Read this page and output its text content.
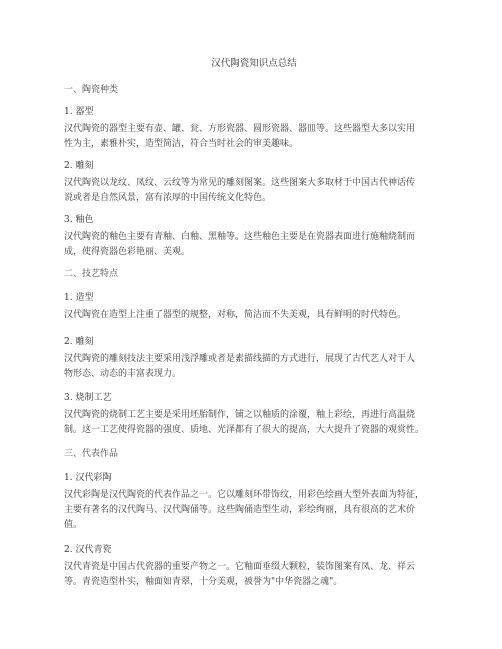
汉代陶瓷知识点总结
一、陶瓷种类
1. 器型
汉代陶瓷的器型主要有壶、罐、瓮、方形瓷器、圆形瓷器、器皿等。这些器型大多以实用
性为主，素雅朴实，造型简洁，符合当时社会的审美趣味。
2. 雕刻
汉代陶瓷以龙纹、凤纹、云纹等为常见的雕刻图案。这些图案大多取材于中国古代神话传
说或者是自然风景，富有浓厚的中国传统文化特色。
3. 釉色
汉代陶瓷的釉色主要有青釉、白釉、黑釉等。这些釉色主要是在瓷器表面进行施釉烧制而
成，使得瓷器色彩艳丽、美观。
二、技艺特点
1. 造型
汉代陶瓷在造型上注重了器型的规整，对称，简洁而不失美观，具有鲜明的时代特色。
2. 雕刻
汉代陶瓷的雕刻技法主要采用浅浮雕或者是素描线描的方式进行，展现了古代艺人对于人
物形态、动态的丰富表现力。
3. 烧制工艺
汉代陶瓷的烧制工艺主要是采用坯胎制作，铺之以釉质的涂覆，釉上彩绘，再进行高温烧
制。这一工艺使得瓷器的强度、质地、光泽都有了很大的提高，大大提升了瓷器的观赏性。
三、代表作品
1. 汉代彩陶
汉代彩陶是汉代陶瓷的代表作品之一。它以雕刻环带饰纹，用彩色绘画大型外表面为特征，
主要有著名的汉代陶马、汉代陶俑等。这些陶俑造型生动，彩绘绚丽，具有很高的艺术价
值。
2. 汉代青瓷
汉代青瓷是中国古代瓷器的重要产物之一。它釉面垂缀大颗粒，装饰图案有凤、龙、祥云
等。青瓷造型朴实，釉面如青翠，十分美观，被誉为"中华瓷器之魂"。
